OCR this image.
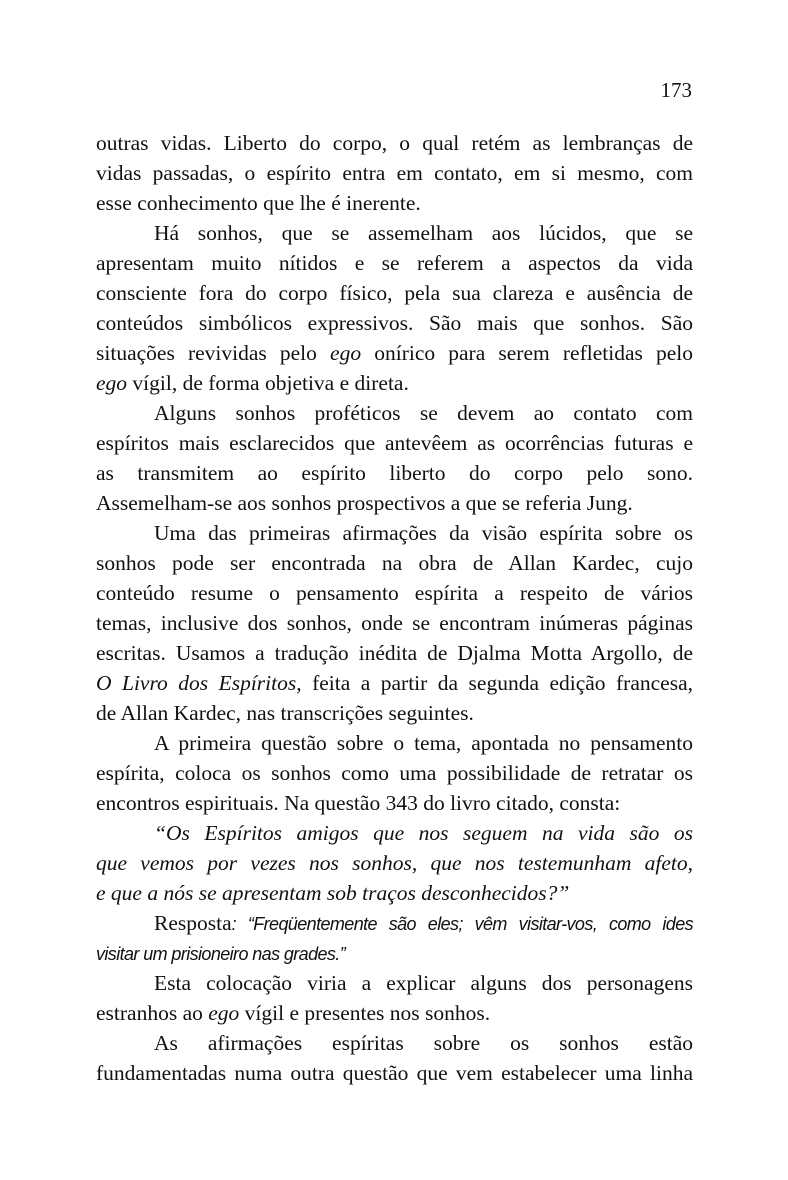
173
outras vidas. Liberto do corpo, o qual retém as lembranças de
vidas passadas, o espírito entra em contato, em si mesmo, com
esse conhecimento que lhe é inerente.
Há sonhos, que se assemelham aos lúcidos, que se
apresentam muito nítidos e se referem a aspectos da vida
consciente fora do corpo físico, pela sua clareza e ausência de
conteúdos simbólicos expressivos. São mais que sonhos. São
situações revividas pelo ego onírico para serem refletidas pelo
ego vígil, de forma objetiva e direta.
Alguns sonhos proféticos se devem ao contato com
espíritos mais esclarecidos que antevêem as ocorrências futuras e
as transmitem ao espírito liberto do corpo pelo sono.
Assemelham-se aos sonhos prospectivos a que se referia Jung.
Uma das primeiras afirmações da visão espírita sobre os
sonhos pode ser encontrada na obra de Allan Kardec, cujo
conteúdo resume o pensamento espírita a respeito de vários
temas, inclusive dos sonhos, onde se encontram inúmeras páginas
escritas. Usamos a tradução inédita de Djalma Motta Argollo, de
O Livro dos Espíritos, feita a partir da segunda edição francesa,
de Allan Kardec, nas transcrições seguintes.
A primeira questão sobre o tema, apontada no pensamento
espírita, coloca os sonhos como uma possibilidade de retratar os
encontros espirituais. Na questão 343 do livro citado, consta:
“Os Espíritos amigos que nos seguem na vida são os
que vemos por vezes nos sonhos, que nos testemunham afeto,
e que a nós se apresentam sob traços desconhecidos?”
Resposta: “Freqüentemente são eles; vêm visitar-vos, como ides
visitar um prisioneiro nas grades.”
Esta colocação viria a explicar alguns dos personagens
estranhos ao ego vígil e presentes nos sonhos.
As afirmações espíritas sobre os sonhos estão
fundamentadas numa outra questão que vem estabelecer uma linha
